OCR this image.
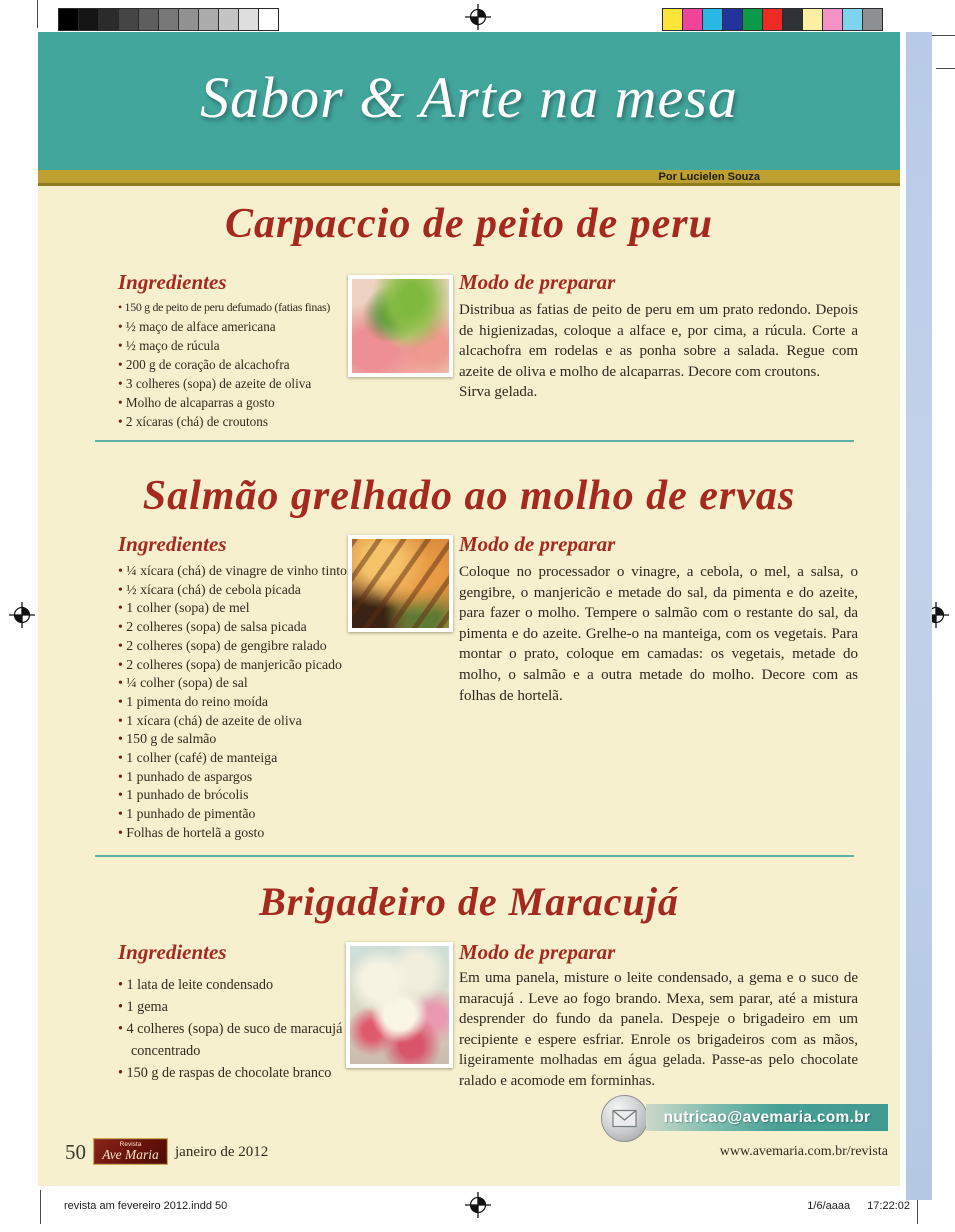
Sabor & Arte na mesa
Por Lucielen Souza
Carpaccio de peito de peru
Ingredientes
• 150 g de peito de peru defumado (fatias finas)
• ½ maço de alface americana
• ½ maço de rúcula
• 200 g de coração de alcachofra
• 3 colheres (sopa) de azeite de oliva
• Molho de alcaparras a gosto
• 2 xícaras (chá) de croutons
Modo de preparar

Distribua as fatias de peito de peru em um prato redondo. Depois de higienizadas, coloque a alface e, por cima, a rúcula. Corte a alcachofra em rodelas e as ponha sobre a salada. Regue com azeite de oliva e molho de alcaparras. Decore com croutons.

Sirva gelada.

Salmão grelhado ao molho de ervas
Ingredientes
• ¼ xícara (chá) de vinagre de vinho tinto
• ½ xícara (chá) de cebola picada
• 1 colher (sopa) de mel
• 2 colheres (sopa) de salsa picada
• 2 colheres (sopa) de gengibre ralado
• 2 colheres (sopa) de manjericão picado
• ¼ colher (sopa) de sal
• 1 pimenta do reino moída
• 1 xícara (chá) de azeite de oliva
• 150 g de salmão
• 1 colher (café) de manteiga
• 1 punhado de aspargos
• 1 punhado de brócolis
• 1 punhado de pimentão
• Folhas de hortelã a gosto
Modo de preparar

Coloque no processador o vinagre, a cebola, o mel, a salsa, o gengibre, o manjericão e metade do sal, da pimenta e do azeite, para fazer o molho. Tempere o salmão com o restante do sal, da pimenta e do azeite. Grelhe-o na manteiga, com os vegetais. Para montar o prato, coloque em camadas: os vegetais, metade do molho, o salmão e a outra metade do molho. Decore com as folhas de hortelã.

Brigadeiro de Maracujá
Ingredientes
• 1 lata de leite condensado
• 1 gema
• 4 colheres (sopa) de suco de maracujá concentrado
• 150 g de raspas de chocolate branco
Modo de preparar

Em uma panela, misture o leite condensado, a gema e o suco de maracujá . Leve ao fogo brando. Mexa, sem parar, até a mistura desprender do fundo da panela. Despeje o brigadeiro em um recipiente e espere esfriar. Enrole os brigadeiros com as mãos, ligeiramente molhadas em água gelada. Passe-as pelo chocolate ralado e acomode em forminhas.

nutricao@avemaria.com.br
50	Revista
Ave Maria	janeiro de 2012	www.avemaria.com.br/revista
revista am fevereiro 2012.indd 50	1/6/aaaa 17:22:02
